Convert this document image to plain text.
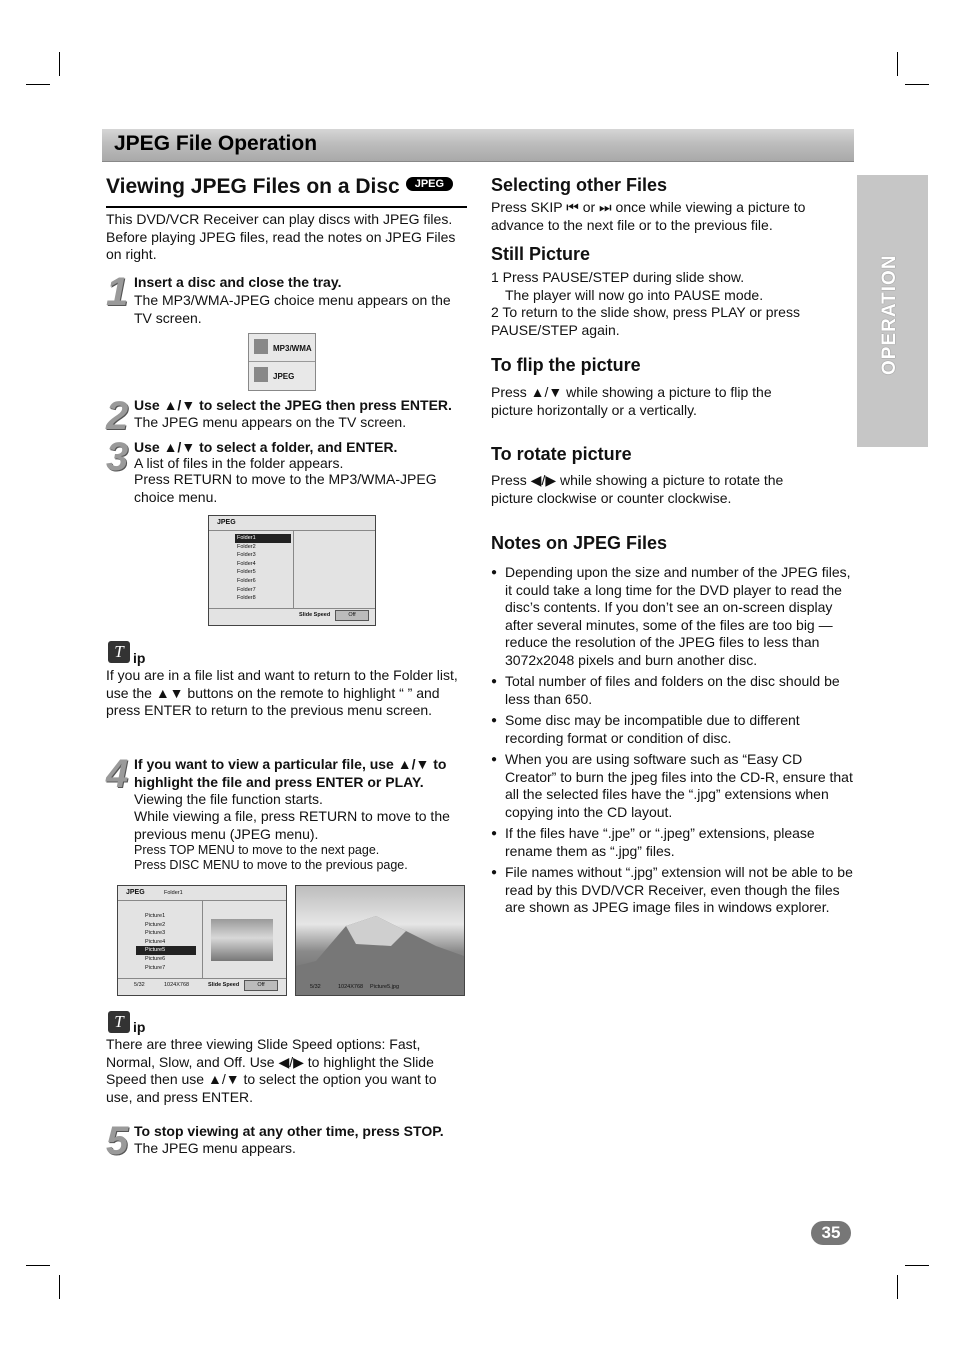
JPEG File Operation
OPERATION
Viewing JPEG Files on a Disc JPEG
This DVD/VCR Receiver can play discs with JPEG files. Before playing JPEG files, read the notes on JPEG Files on right.
1 Insert a disc and close the tray.
The MP3/WMA-JPEG choice menu appears on the TV screen.
MP3/WMA
JPEG
2 Use ▲/▼ to select the JPEG then press ENTER.
The JPEG menu appears on the TV screen.
3 Use ▲/▼ to select a folder, and ENTER.
A list of files in the folder appears.
Press RETURN to move to the MP3/WMA-JPEG choice menu.
JPEG
Folder1
Folder2
Folder3
Folder4
Folder5
Folder6
Folder7
Folder8
Slide Speed	Off
T ip
If you are in a file list and want to return to the Folder list, use the ▲▼ buttons on the remote to highlight “ ” and press ENTER to return to the previous menu screen.
4 If you want to view a particular file, use ▲/▼ to highlight the file and press ENTER or PLAY.
Viewing the file function starts.
While viewing a file, press RETURN to move to the previous menu (JPEG menu).
Press TOP MENU to move to the next page.
Press DISC MENU to move to the previous page.
JPEG	Folder1
Picture1
Picture2
Picture3
Picture4
Picture5
Picture6
Picture7
5/32	1024X768	Slide Speed	Off	5/32	1024X768 Picture5.jpg
T ip
There are three viewing Slide Speed options: Fast, Normal, Slow, and Off. Use ◀/▶ to highlight the Slide Speed then use ▲/▼ to select the option you want to use, and press ENTER.
5 To stop viewing at any other time, press STOP.
The JPEG menu appears.
Selecting other Files
Press SKIP ⏮ or ⏭ once while viewing a picture to advance to the next file or to the previous file.
Still Picture
1 Press PAUSE/STEP during slide show.
The player will now go into PAUSE mode.
2 To return to the slide show, press PLAY or press PAUSE/STEP again.
To flip the picture
Press ▲/▼ while showing a picture to flip the picture horizontally or a vertically.
To rotate picture
Press ◀/▶ while showing a picture to rotate the picture clockwise or counter clockwise.
Notes on JPEG Files
● Depending upon the size and number of the JPEG files, it could take a long time for the DVD player to read the disc’s contents. If you don’t see an on-screen display after several minutes, some of the files are too big — reduce the resolution of the JPEG files to less than 3072x2048 pixels and burn another disc.
● Total number of files and folders on the disc should be less than 650.
● Some disc may be incompatible due to different recording format or condition of disc.
● When you are using software such as “Easy CD Creator” to burn the jpeg files into the CD-R, ensure that all the selected files have the “.jpg” extensions when copying into the CD layout.
● If the files have “.jpe” or “.jpeg” extensions, please rename them as “.jpg” files.
● File names without “.jpg” extension will not be able to be read by this DVD/VCR Receiver, even though the files are shown as JPEG image files in windows explorer.
35
